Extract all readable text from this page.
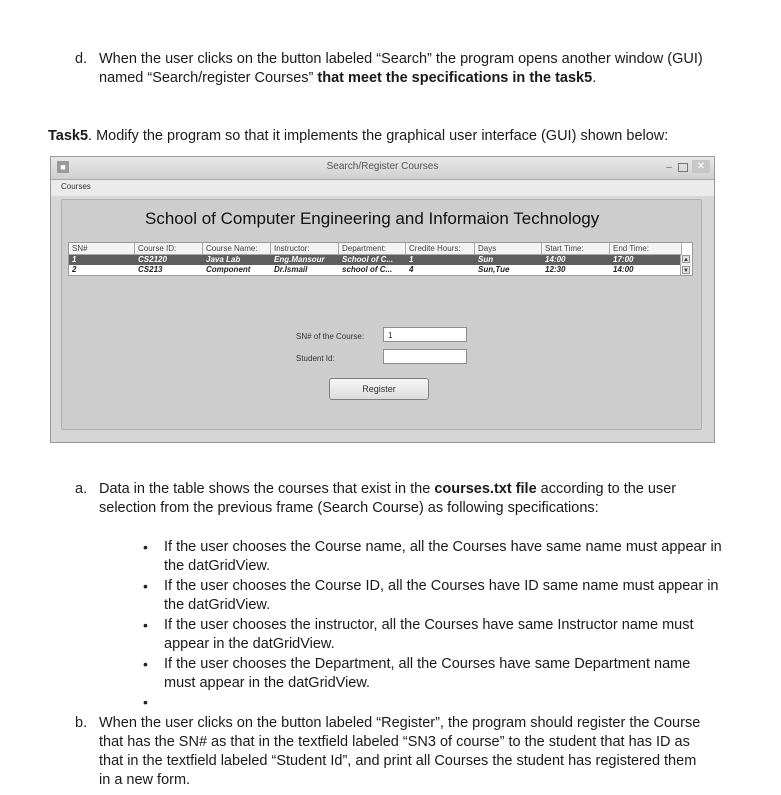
d. When the user clicks on the button labeled “Search” the program opens another window (GUI)
named “Search/register Courses” that meet the specifications in the task5.
Task5. Modify the program so that it implements the graphical user interface (GUI) shown below:
■	Search/Register Courses	–	✕
Courses
School of Computer Engineering and Informaion Technology
SN#	Course ID:	Course Name:	Instructor:	Department:	Credite Hours:	Days	Start Time:	End Time:
1	CS2120	Java Lab	Eng.Mansour	School of C...	1	Sun	14:00	17:00
2	CS213	Component	Dr.Ismail	school of C...	4	Sun,Tue	12:30	14:00
▲
▼
SN# of the Course:	1
Student Id:
Register
a. Data in the table shows the courses that exist in the courses.txt file according to the user
selection from the previous frame (Search Course) as following specifications:
• If the user chooses the Course name, all the Courses have same name must appear in
the datGridView.
• If the user chooses the Course ID, all the Courses have ID same name must appear in
the datGridView.
• If the user chooses the instructor, all the Courses have same Instructor name must
appear in the datGridView.
• If the user chooses the Department, all the Courses have same Department name
must appear in the datGridView.
•
b. When the user clicks on the button labeled “Register”, the program should register the Course
that has the SN# as that in the textfield labeled “SN3 of course” to the student that has ID as
that in the textfield labeled “Student Id”, and print all Courses the student has registered them
in a new form.
